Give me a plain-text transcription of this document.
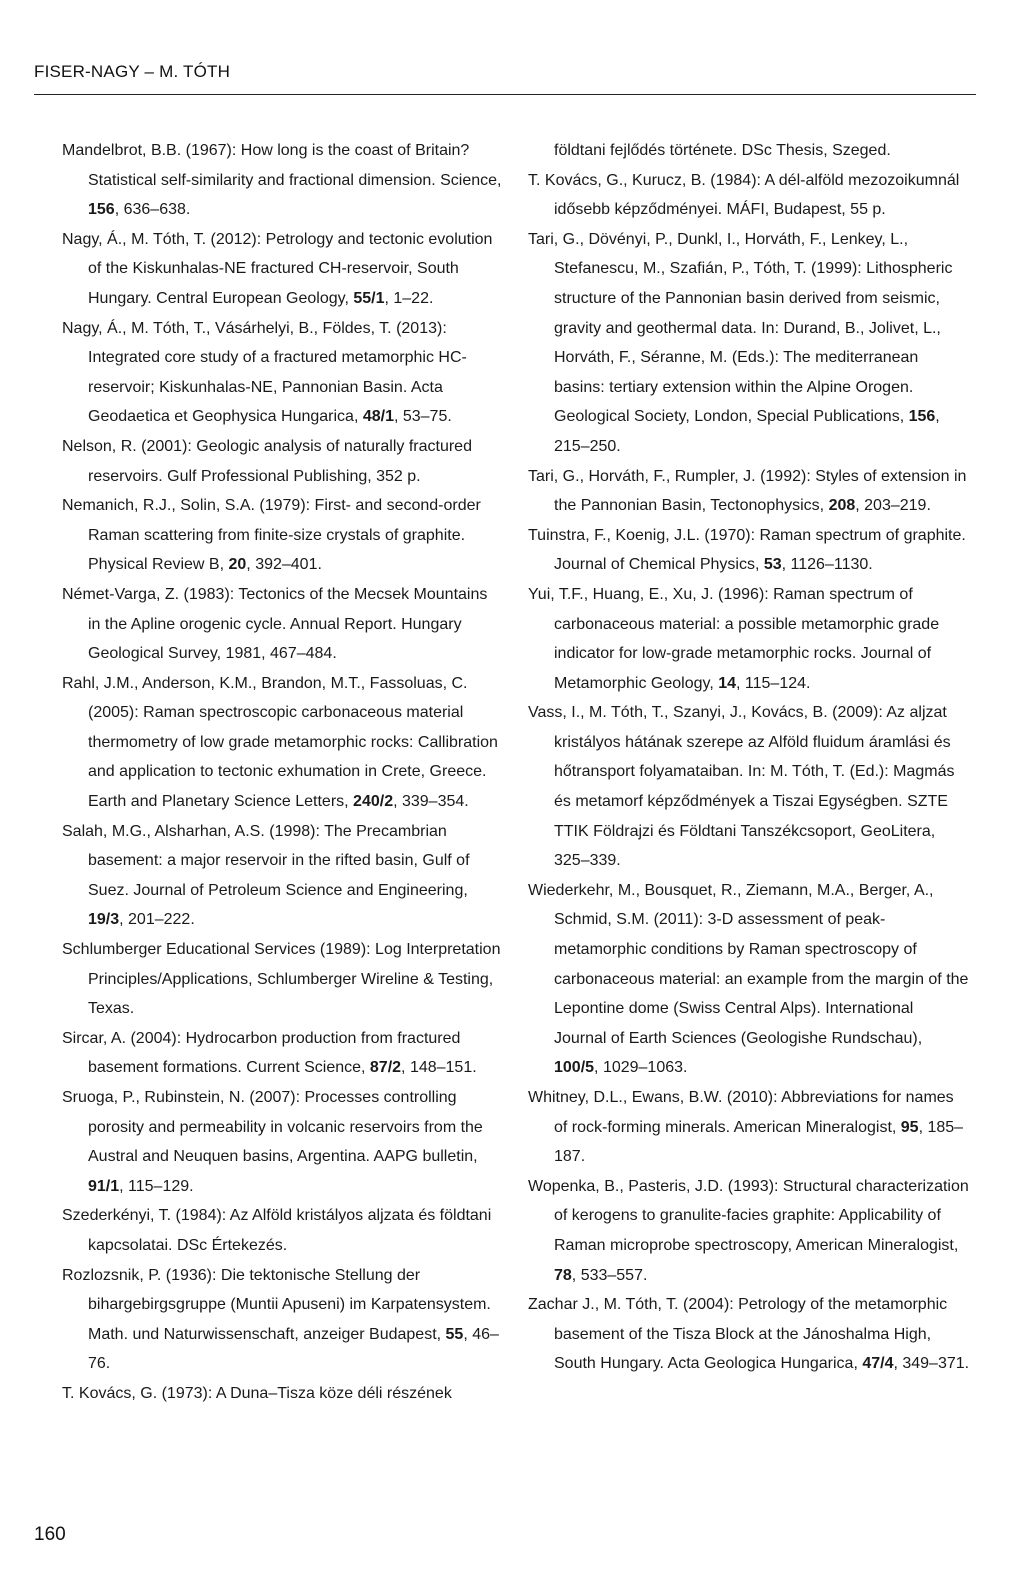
FISER-NAGY – M. TÓTH

Mandelbrot, B.B. (1967): How long is the coast of Britain? Statistical self-similarity and fractional dimension. Science, 156, 636–638.

Nagy, Á., M. Tóth, T. (2012): Petrology and tectonic evolution of the Kiskunhalas-NE fractured CH-reservoir, South Hungary. Central European Geology, 55/1, 1–22.

Nagy, Á., M. Tóth, T., Vásárhelyi, B., Földes, T. (2013): Integrated core study of a fractured metamorphic HC-reservoir; Kiskunhalas-NE, Pannonian Basin. Acta Geodaetica et Geophysica Hungarica, 48/1, 53–75.

Nelson, R. (2001): Geologic analysis of naturally fractured reservoirs. Gulf Professional Publishing, 352 p.

Nemanich, R.J., Solin, S.A. (1979): First- and second-order Raman scattering from finite-size crystals of graphite. Physical Review B, 20, 392–401.

Német-Varga, Z. (1983): Tectonics of the Mecsek Mountains in the Apline orogenic cycle. Annual Report. Hungary Geological Survey, 1981, 467–484.

Rahl, J.M., Anderson, K.M., Brandon, M.T., Fassoluas, C. (2005): Raman spectroscopic carbonaceous material thermometry of low grade metamorphic rocks: Callibration and application to tectonic exhumation in Crete, Greece. Earth and Planetary Science Letters, 240/2, 339–354.

Salah, M.G., Alsharhan, A.S. (1998): The Precambrian basement: a major reservoir in the rifted basin, Gulf of Suez. Journal of Petroleum Science and Engineering, 19/3, 201–222.

Schlumberger Educational Services (1989): Log Interpretation Principles/Applications, Schlumberger Wireline & Testing, Texas.

Sircar, A. (2004): Hydrocarbon production from fractured basement formations. Current Science, 87/2, 148–151.

Sruoga, P., Rubinstein, N. (2007): Processes controlling porosity and permeability in volcanic reservoirs from the Austral and Neuquen basins, Argentina. AAPG bulletin, 91/1, 115–129.

Szederkényi, T. (1984): Az Alföld kristályos aljzata és földtani kapcsolatai. DSc Értekezés.

Rozlozsnik, P. (1936): Die tektonische Stellung der bihargebirgsgruppe (Muntii Apuseni) im Karpatensystem. Math. und Naturwissenschaft, anzeiger Budapest, 55, 46–76.

T. Kovács, G. (1973): A Duna–Tisza köze déli részének

földtani fejlődés története. DSc Thesis, Szeged.

T. Kovács, G., Kurucz, B. (1984): A dél-alföld mezozoikumnál idősebb képződményei. MÁFI, Budapest, 55 p.

Tari, G., Dövényi, P., Dunkl, I., Horváth, F., Lenkey, L., Stefanescu, M., Szafián, P., Tóth, T. (1999): Lithospheric structure of the Pannonian basin derived from seismic, gravity and geothermal data. In: Durand, B., Jolivet, L., Horváth, F., Séranne, M. (Eds.): The mediterranean basins: tertiary extension within the Alpine Orogen. Geological Society, London, Special Publications, 156, 215–250.

Tari, G., Horváth, F., Rumpler, J. (1992): Styles of extension in the Pannonian Basin, Tectonophysics, 208, 203–219.

Tuinstra, F., Koenig, J.L. (1970): Raman spectrum of graphite. Journal of Chemical Physics, 53, 1126–1130.

Yui, T.F., Huang, E., Xu, J. (1996): Raman spectrum of carbonaceous material: a possible metamorphic grade indicator for low-grade metamorphic rocks. Journal of Metamorphic Geology, 14, 115–124.

Vass, I., M. Tóth, T., Szanyi, J., Kovács, B. (2009): Az aljzat kristályos hátának szerepe az Alföld fluidum áramlási és hőtransport folyamataiban. In: M. Tóth, T. (Ed.): Magmás és metamorf képződmények a Tiszai Egységben. SZTE TTIK Földrajzi és Földtani Tanszékcsoport, GeoLitera, 325–339.

Wiederkehr, M., Bousquet, R., Ziemann, M.A., Berger, A., Schmid, S.M. (2011): 3-D assessment of peak-metamorphic conditions by Raman spectroscopy of carbonaceous material: an example from the margin of the Lepontine dome (Swiss Central Alps). International Journal of Earth Sciences (Geologishe Rundschau), 100/5, 1029–1063.

Whitney, D.L., Ewans, B.W. (2010): Abbreviations for names of rock-forming minerals. American Mineralogist, 95, 185–187.

Wopenka, B., Pasteris, J.D. (1993): Structural characterization of kerogens to granulite-facies graphite: Applicability of Raman microprobe spectroscopy, American Mineralogist, 78, 533–557.

Zachar J., M. Tóth, T. (2004): Petrology of the metamorphic basement of the Tisza Block at the Jánoshalma High, South Hungary. Acta Geologica Hungarica, 47/4, 349–371.

160
